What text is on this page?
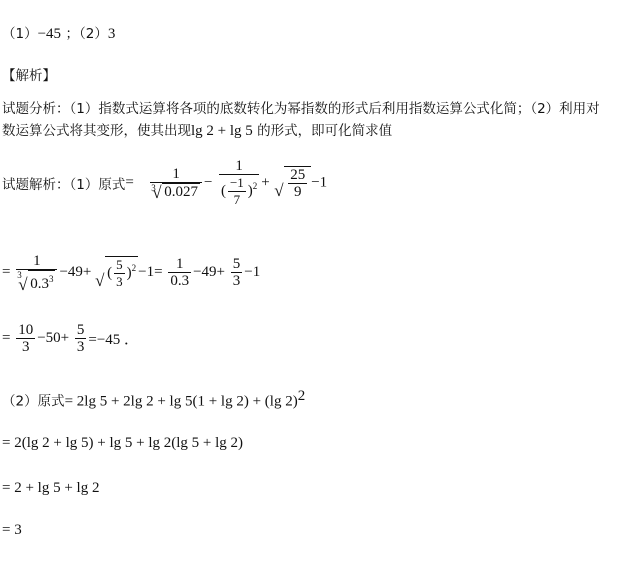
（1）−45 ；（2）3
【解析】
试题分析：（1）指数式运算将各项的底数转化为幂指数的形式后利用指数运算公式化简；（2）利用对
数运算公式将其变形，使其出现lg 2 + lg 5 的形式，即可化简求值
试题解析：（1）原式= 1
√ 3 $0.027 - \frac{1}{( \frac{-1}{7} )^2}$ + √ $\frac{25}{9} -1$
= 1
√ 3
$0.3^3 -49+$ √ ( $\frac{5}{3} )^2 -1= \frac{1}{0.3} -49+ \frac{5}{3} -1$
= $\frac{10}{3} -50+ \frac{5}{3} =-45$ ．
（2）原式= 2lg 5 + 2lg 2 + lg 5(1 + lg 2) + (lg 2)$^2$
= 2(lg 2 + lg 5) + lg 5 + lg 2(lg 5 + lg 2)
= 2 + lg 5 + lg 2
= 3
